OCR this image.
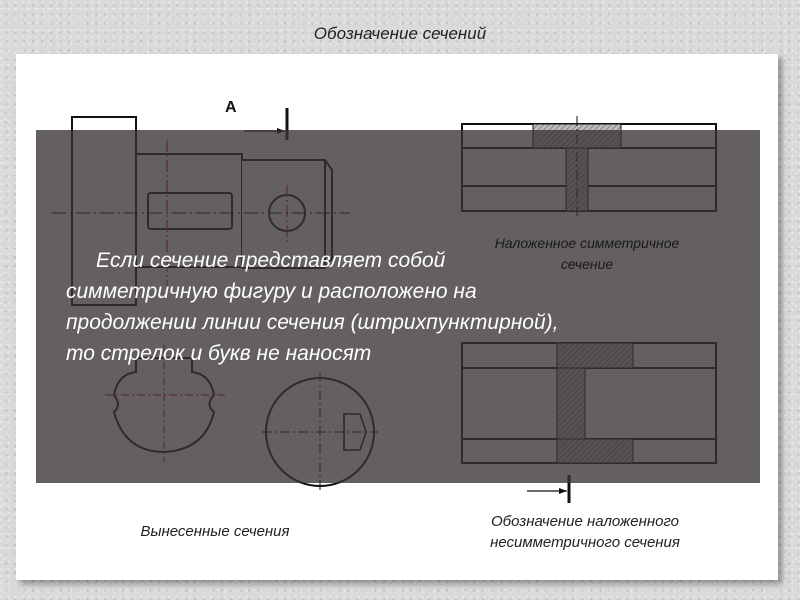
Обозначение сечений
А
Наложенное симметричное
сечение
Если сечение представляет собой
симметричную фигуру и расположено на
продолжении линии сечения (штрихпунктирной),
то стрелок и букв не наносят
Вынесенные сечения
Обозначение наложенного
несимметричного сечения
